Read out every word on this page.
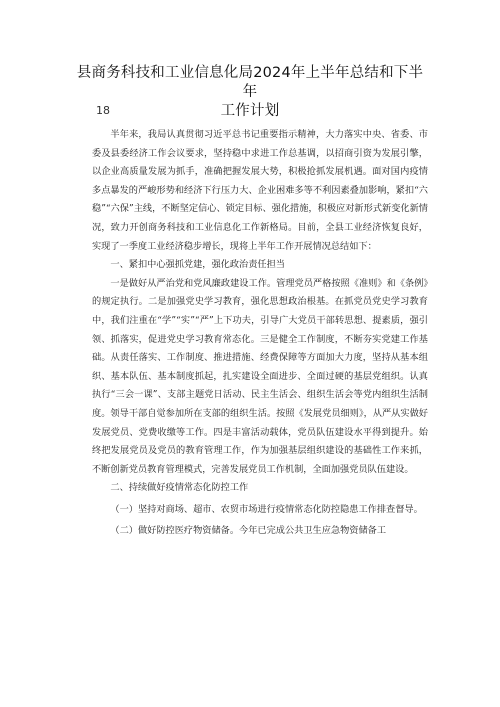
县商务科技和工业信息化局2024年上半年总结和下半年
工作计划
18

半年来，我局认真贯彻习近平总书记重要指示精神，大力落实中央、省委、市委及县委经济工作会议要求，坚持稳中求进工作总基调，以招商引资为发展引擎，以企业高质量发展为抓手，准确把握发展大势，积极抢抓发展机遇。面对国内疫情多点暴发的严峻形势和经济下行压力大、企业困难多等不利因素叠加影响，紧扣“六稳”“六保”主线，不断坚定信心、锁定目标、强化措施，积极应对新形式新变化新情况，致力开创商务科技和工业信息化工作新格局。目前，全县工业经济恢复良好，实现了一季度工业经济稳步增长，现将上半年工作开展情况总结如下：

一、紧扣中心强抓党建，强化政治责任担当

一是做好从严治党和党风廉政建设工作。管理党员严格按照《准则》和《条例》的规定执行。二是加强党史学习教育，强化思想政治根基。在抓党员党史学习教育中，我们注重在“学”“实”“严”上下功夫，引导广大党员干部转思想、提素质，强引领、抓落实，促进党史学习教育常态化。三是健全工作制度，不断夯实党建工作基础。从责任落实、工作制度、推进措施、经费保障等方面加大力度，坚持从基本组织、基本队伍、基本制度抓起，扎实建设全面进步、全面过硬的基层党组织。认真执行“三会一课”、支部主题党日活动、民主生活会、组织生活会等党内组织生活制度。领导干部自觉参加所在支部的组织生活。按照《发展党员细则》，从严从实做好发展党员、党费收缴等工作。四是丰富活动载体，党员队伍建设水平得到提升。始终把发展党员及党员的教育管理工作，作为加强基层组织建设的基础性工作来抓，不断创新党员教育管理模式，完善发展党员工作机制，全面加强党员队伍建设。

二、持续做好疫情常态化防控工作

（一）坚持对商场、超市、农贸市场进行疫情常态化防控隐患工作排查督导。

（二）做好防控医疗物资储备。今年已完成公共卫生应急物资储备工
